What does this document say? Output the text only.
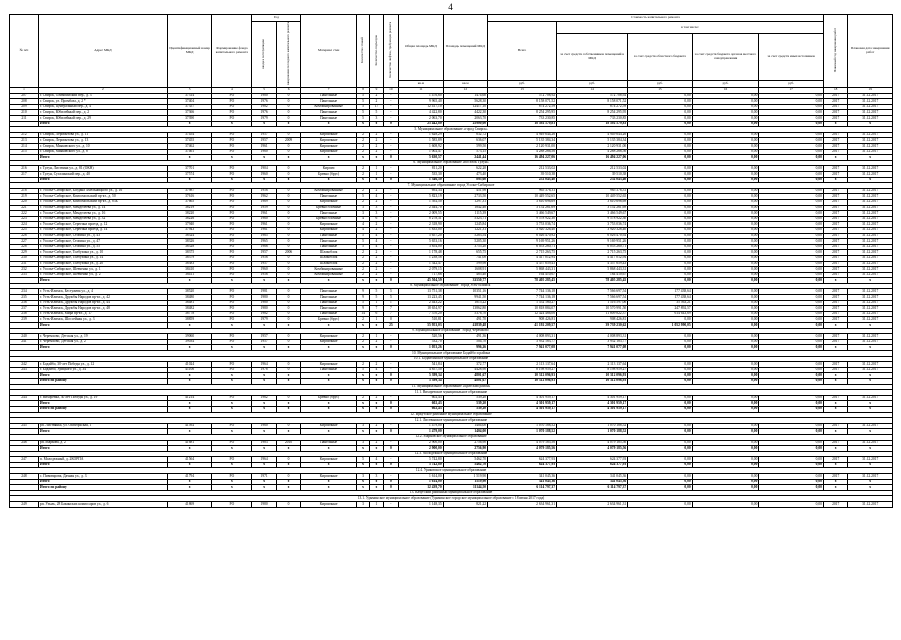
4
№ п/п	Адрес МКД	Идентификационный номер МКД	Формирование фонда капитального ремонта	Год		Материал стен	Количество этажей	Количество подъездов	Количество лифтов, требующих ремонта	Общая площадь МКД	Площадь помещений МКД	Стоимость капитального ремонта					Плановый год завершения работ	Плановая дата завершения работ
				ввода в эксплуатацию	завершения последнего капитального ремонта							Всего	в том числе:					
													за счет средств собственников помещений в МКД	за счет средств областного бюджета	за счет средств бюджета органов местного самоуправления	за счет средств иных источников		
										кв.м	кв.м	руб.	руб.	руб.	руб.	руб.		
1	2	3	4	5	6	7	8	9	10	11	12	13	14	15	16	17	18	19
207	г. Свирск, Олимпийский пер., д. 3	37314	РО	1980	0	Панельные	5	2	-	1 476,60	1474,60	572 708,92	572 708,92	0,00	0,00	0,00	2017	31.12.2017
208	г. Свирск, ул. Промбаза, д. 2 *	37404	РО	1976	0	Панельные	5	2	-	9 965,40	5628,30	8 158 071,52	8 158 071,52	0,00	0,00	0,00	2017	31.12.2017
209	г. Свирск, Центральный пер., д. 4	37357	РО	1982	0	Комбинированные	5	17	-	12 417,10	12417,10	874 272,59	874 272,59	0,00	0,00	0,00	2017	31.12.2017
210	г. Свирск, Юбилейный пер., д. 2	37366	РО	1976	0	Панельные	5	5	-	4 422,80	4422,30	8 254 295,95	8 254 295,95	0,00	0,00	0,00	2017	31.12.2017
211	г. Свирск, Юбилейный пер., д. 29	37390	РО	1979	0	Панельные	5	3	-	2 063,70	2063,70	733 230,85	733 230,85	0,00	0,00	0,00	2017	31.12.2017
	Итого	x	x	x	x	x	x	x	0	25 442,80	25900,00	18 592 579,83	18 592 579,83	0,00	0,00	0,00	x	x
5. Муниципальное образование «город Свирск»																		
212	г. Свирск, Лермонтова ул., д. 11	37454	РО	1957	0	Кирпичные	2	2	-	1 628,29	632,72	4 949 644,26	4 949 644,26	0,00	0,00	0,00	2017	31.12.2017
213	г. Свирск, Лермонтова ул., д. 13	37455	РО	1957	2009	Кирпичные	2	2	-	1 585,89	636,07	5 135 384,34	5 135 384,34	0,00	0,00	0,00	2017	31.12.2017
214	г. Свирск, Маяковского ул., д. 10	37462	РО	1961	0	Кирпичные	2	2	-	1 608,92	599,50	2 120 931,00	2 120 931,00	0,00	0,00	0,00	2017	31.12.2017
215	г. Свирск, Маяковского ул., д. 8	37461	РО	1960	0	Кирпичные	2	2	-	1 002,47	573,15	4 288 266,56	4 288 266,56	0,00	0,00	0,00	2017	31.12.2017
	Итого	x	x	x	x	x	x	x	0	5 630,57	2441,44	16 494 227,06	16 494 227,06	0,00	0,00	0,00	x	x
6. Муниципальное образование «поселок Тулун»																		
216	г. Тулун, Листвина ул., д. 81 (ОКН)	37701	РО	1904	0	Кирпич	2	1	-	811,20	622,20	212 533,02	212 533,02	0,00	0,00	0,00	2017	31.12.2017
217	г. Тулун, Сугалинский пер., д. 40	37574	РО	1960	0	Бревно (брус)	2	1	-	535,30	473,40	39 510,38	39 510,38	0,00	0,00	0,00	2017	31.12.2017
	Итого	x	x	x	x	x	x	x	0	1 346,50	895,60	252 043,40	252 043,40	0,00	0,00	0,00	x	x
7. Муниципальное образование город Усолье-Сибирское																		
218	г. Усолье-Сибирское, Богдана Хмельницкого ул., д. 16	37987	РО	1956	0	Комбинированные	2	2	-	692,34	451,98	965 376,31	965 376,31	0,00	0,00	0,00	2017	31.12.2017
219	г. Усолье-Сибирское, Комсомольский пр-кт., д. 50	37616	РО	1962	0	Панельные	5	4	-	5 823,19	2733,50	10 449 552,65	10 449 552,65	0,00	0,00	0,00	2017	31.12.2017
220	г. Усолье-Сибирское, Комсомольский пр-кт., д. 83Б	37665	РО	1969	0	Кирпичные	2	2	-	1 392,50	1297,31	3 610 696,69	3 610 696,69	0,00	0,00	0,00	2017	31.12.2017
221	г. Усолье-Сибирское, Менделеева ул., д. 14	38219	РО	1959	0	Бревно/блочные	3	3	-	2 444,70	1842,46	3 152 261,69	3 152 261,69	0,00	0,00	0,00	2017	31.12.2017
222	г. Усолье-Сибирское, Менделеева ул., д. 16	38220	РО	1961	0	Панельные	3	3	-	2 009,55	1115,39	3 466 549,67	3 466 549,67	0,00	0,00	0,00	2017	31.12.2017
223	г. Усолье-Сибирское, Менделеева ул., д. 32	38226	РО	1960	0	Бревно/блочные	4	6	-	8 278,31	5323,71	9 578 922,30	9 578 922,30	0,00	0,00	0,00	2017	31.12.2017
224	г. Усолье-Сибирское, Серегина проезд, д. 12	37940	РО	1961	0	Кирпичные	4	2	-	2 318,90	1245,84	3 753 036,74	3 753 036,74	0,00	0,00	0,00	2017	31.12.2017
225	г. Усолье-Сибирское, Серегина проезд, д. 14	37943	РО	1961	0	Кирпичные	4	2	-	1 835,00	1221,31	3 920 326,40	3 920 326,40	0,00	0,00	0,00	2017	31.12.2017
226	г. Усолье-Сибирское, Стопина ул., д. 43	38324	РО	1965	0	Панельные	5	4	-	5 657,20	5283,54	6 026 470,92	6 026 470,92	0,00	0,00	0,00	2017	31.12.2017
227	г. Усолье-Сибирское, Стопина ул., д. 47	38326	РО	1965	0	Панельные	5	4	-	5 653,16	5205,30	9 169 951,26	9 169 951,26	0,00	0,00	0,00	2017	31.12.2017
228	г. Усолье-Сибирское, Стопина ул., д. 55	38328	РО	1966	0	Панельные	5	4	-	3 854,00	3755,20	6 053 260,71	6 053 260,71	0,00	0,00	0,00	2017	31.12.2017
229	г. Усолье-Сибирское, Толбухина ул., д. 10	38375	РО	1957	2006	Шлакоблок	2	2	-	1 178,48	655,75	2 715 263,75	2 715 263,75	0,00	0,00	0,00	2017	31.12.2017
230	г. Усолье-Сибирское, Толбухина ул., д. 14	38379	РО	1956	0	Шлакоблок	2	2	-	1 238,58	741,08	4 417 012,94	4 417 012,94	0,00	0,00	0,00	2017	31.12.2017
231	г. Усолье-Сибирское, Толбухина ул., д. 20	38383	РО	1957	0	Шлакоблок	2	2	-	1 342,47	599,98	4 357 659,43	4 357 659,43	0,00	0,00	0,00	2017	31.12.2017
232	г. Усолье-Сибирское, Шевченко ул., д. 1	38410	РО	1960	0	Комбинированные	2	2	-	2 079,15	1608,91	5 868 443,31	5 868 443,31	0,00	0,00	0,00	2017	31.12.2017
233	г. Усолье-Сибирское, Шевченко ул., д. 2	38411	РО	1956	0	Комбинированные	2	2	-	717,66	485,40	164 410,67	164 410,67	0,00	0,00	0,00	2017	31.12.2017
	Итого	x	x	x	x	x	x	x	0	45 504,59	33550,77	78 405 285,45	78 405 285,45	0,00	0,00	0,00	x	x
8. Муниципальное образование "город Усть-Илимск"																		
234	г. Усть-Илимск, Бестужева ул., д. 4	38520	РО	1981	0	Панельные	9	5	5	13 751,38	10351,16	7 744 136,18	7 566 697,54	177 438,64	0,00	0,00	2017	31.12.2017
235	г. Усть-Илимск, Дружбы Народов пр-кт., д. 42	38480	РО	1980	0	Панельные	9	5	5	13 223,45	9941,50	7 744 136,18	7 566 697,54	177 438,64	0,00	0,00	2017	31.12.2017
236	г. Усть-Илимск, Дружбы Народов пр-кт., д. 44	38481	РО	1980	0	Панельные	5	1	1	2 443,22	1815,22	1 552 160,27	1 516 597,06	35 563,21	0,00	0,00	2017	31.12.2017
237	г. Усть-Илимск, Дружбы Народов пр-кт., д. 48	38482	РО	1980	0	Панельные	9	7	7	18 654,97	13862,80	10 818 884,07	10 570 991,50	247 892,57	0,00	0,00	2017	31.12.2017
238	г. Усть-Илимск, Мира пр-кт., д. 17	38778	РО	1982	0	Панельные	14	6	7	7 370,20	5376,70	12 424 466,06	11 809 822,37	614 643,69	0,00	0,00	2017	31.12.2017
239	г. Усть-Илимск, Шоссейная ул., д. 3	38859	РО	1979	0	Бревно (брус)	2	1	0	510,81	491,70	908 426,81	908 426,81	0,00	0,00	0,00	2017	31.12.2017
	Итого	x	x	x	x	x	x	x	25	55 953,03	41839,48	41 192 209,57	39 739 230,62	1 052 990,05	0,00	0,00	x	x
9. Муниципальное образование "город Черемхово"																		
240	г. Черемхово, Детская ул., д. 19	39060	РО	1957	0	Кирпичные	2	1	-	520,56	491,36	4 008 893,31	4 008 893,31	0,00	0,00	0,00	2017	31.12.2017
241	г. Черемхово, Детская ул., д. 2	39034	РО	1957	0	Кирпичные	2	2	-	532,70	504,70	3 932 183,77	3 932 183,77	0,00	0,00	0,00	2017	31.12.2017
	Итого	x	x	x	x	x	x	x	0	1 053,26	996,26	7 941 077,08	7 941 077,08	0,00	0,00	0,00	x	x
10. Муниципальное образование Бодайбо и района																		
10.1. Бодайбинское муниципальное образование																		
242	г. Бодайбо, 30-лет Победы ул., д. 12	41024	РО	1964	0	Кирпичные	2	2	-	541,84	372,77	2 113 137,64	2 113 137,64	0,00	0,00	0,00	2017	31.12.2017
243	г. Бодайбо, Урицкого ул., д. 34	41106	РО	1978	0	Панельные	5	4	-	4 857,50	4428,90	8 198 959,27	8 198 959,27	0,00	0,00	0,00	2017	31.12.2017
	Итого	x	x	x	x	x	x	x	0	5 399,34	4801,67	10 312 096,93	10 312 096,93	0,00	0,00	0,00	x	x
	Итого по району	x	x	x	x	x	x	x	0	5 399,34	4801,67	10 312 096,93	10 312 096,93	0,00	0,00	0,00	x	x
11. Муниципальное образование «Братский район»																		
11.1. Вихоревское муниципальное образование																		
244	г. Вихоревка, 30 лет Победы ул., д. 19	41214	РО	1962	0	Бревно (брус)	2	2	-	602,43	539,20	4 301 959,17	4 301 959,17	0,00	0,00	0,00	2017	31.12.2017
	Итого	x	x	x	x	x	x	x	0	602,43	539,20	4 301 959,17	4 301 959,17	0,00	0,00	0,00	x	x
	Итого по району	x	x	x	x	x	x	x	0	602,43	539,20	4 301 959,17	4 301 959,17	0,00	0,00	0,00	x	x
12. Иркутское районное муниципальное образование																		
12.1. Листвянское муниципальное образование																		
245	рп. Листвянка, ул. Октябрьская, 1	41592	РО	1960	0	Кирпичные	3	2	-	1 479,00	1404,00	1 070 188,52	1 070 188,52	0,00	0,00	0,00	2017	31.12.2017
	Итого	x	x	x	x	x	x	x	0	1 479,00	1404,00	1 070 188,52	1 070 188,52	0,00	0,00	0,00	x	x
12.2. Марковское муниципальное образование																		
246	рп. Маркова, д. 2	41681	РО	1983	2010	Панельные	3	2	-	2 900,00	2756,90	4 079 185,56	4 079 185,56	0,00	0,00	0,00	2017	31.12.2017
	Итого	x	x	x	x	x	x	x	0	2 900,00	2756,90	4 079 185,56	4 079 185,56	0,00	0,00	0,00	x	x
12.3. Молодежное муниципальное образование																		
247	п. Молодежный, д. 2КОРПА	41564	РО	1964	0	Кирпичные	5	4	-	5 742,80	5462,70	624 377,93	624 377,93	0,00	0,00	0,00	2017	31.12.2017
	Итого	x	x	x	x	x	x	x	0	5 742,80	5462,70	624 377,93	624 377,93	0,00	0,00	0,00	x	x
12.4. Уриковское муниципальное образование																		
248	с. Пивоварова, Дачная ул., д. 3	41794	РО	1971	0	Кирпичные	3	3	-	1 614,00	1 519,90	341 045,36	341 045,36	0,00	0,00	0,00	2017	31.12.2017
	Итого	x	x	x	x	x	x	x	0	1 614,00	1519,90	341 045,36	341 045,36	0,00	0,00	0,00	x	x
	Итого по району	x	x	x	x	x	x	x	0	12 439,70	11144,50	6 114 797,37	6 114 797,37	0,00	0,00	0,00	x	x
13. Качугский районный муниципальное образование																		
13.1. Удыминское муниципальное образование (Удыминское городское муниципальное образование с 18 июня 2017 года)																		
249	рп. Узыль, 28 Бакинских комиссаров ул., д. 6	41869	РО	1980	0	Кирпичные	3	1	-	1 148,35	821,22	2 634 961,31	2 634 961,31	0,00	0,00	0,00	2017	31.12.2017
